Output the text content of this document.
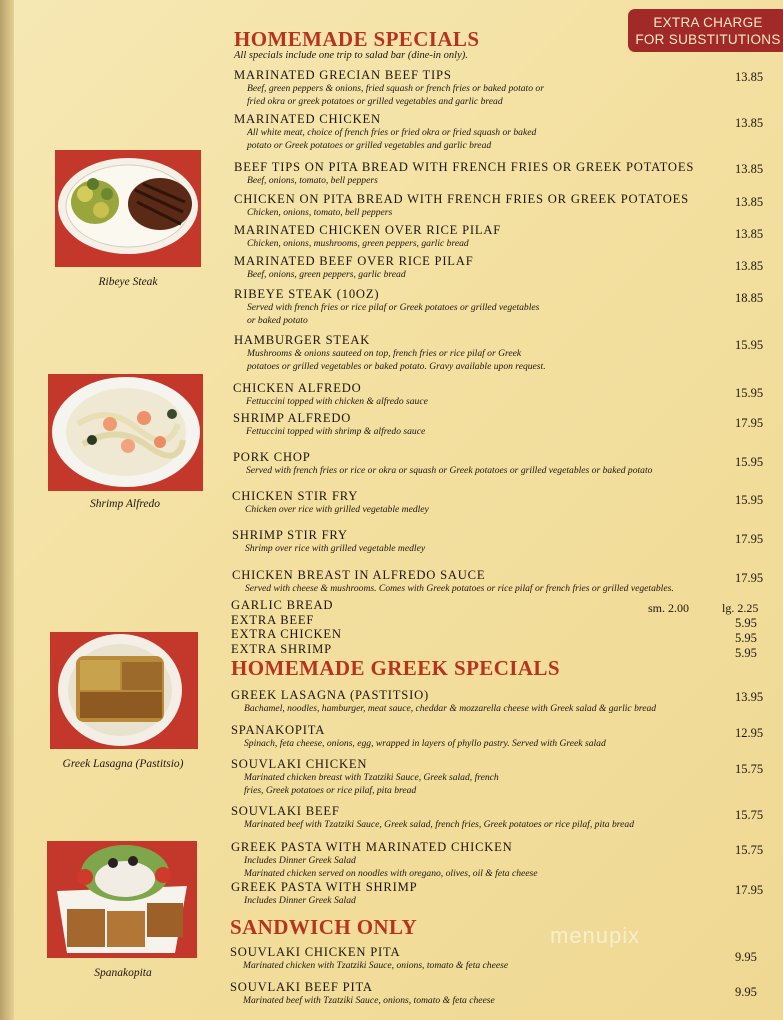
EXTRA CHARGE
FOR SUBSTITUTIONS
HOMEMADE SPECIALS
All specials include one trip to salad bar (dine-in only).
MARINATED GRECIAN BEEF TIPS
Beef, green peppers & onions, fried squash or french fries or baked potato or
fried okra or greek potatoes or grilled vegetables and garlic bread
13.85
MARINATED CHICKEN
All white meat, choice of french fries or fried okra or fried squash or baked
potato or Greek potatoes or grilled vegetables and garlic bread
13.85
BEEF TIPS ON PITA BREAD WITH FRENCH FRIES OR GREEK POTATOES
Beef, onions, tomato, bell peppers
13.85
CHICKEN ON PITA BREAD WITH FRENCH FRIES OR GREEK POTATOES
Chicken, onions, tomato, bell peppers
13.85
MARINATED CHICKEN OVER RICE PILAF
Chicken, onions, mushrooms, green peppers, garlic bread
13.85
MARINATED BEEF OVER RICE PILAF
Beef, onions, green peppers, garlic bread
13.85
RIBEYE STEAK (10OZ)
Served with french fries or rice pilaf or Greek potatoes or grilled vegetables
or baked potato
18.85
HAMBURGER STEAK
Mushrooms & onions sauteed on top, french fries or rice pilaf or Greek
potatoes or grilled vegetables or baked potato. Gravy available upon request.
15.95
CHICKEN ALFREDO
Fettuccini topped with chicken & alfredo sauce
15.95
SHRIMP ALFREDO
Fettuccini topped with shrimp & alfredo sauce
17.95
PORK CHOP
Served with french fries or rice or okra or squash or Greek potatoes or grilled vegetables or baked potato
15.95
CHICKEN STIR FRY
Chicken over rice with grilled vegetable medley
15.95
SHRIMP STIR FRY
Shrimp over rice with grilled vegetable medley
17.95
CHICKEN BREAST IN ALFREDO SAUCE
Served with cheese & mushrooms. Comes with Greek potatoes or rice pilaf or french fries or grilled vegetables.
17.95
GARLIC BREAD
EXTRA BEEF
EXTRA CHICKEN
EXTRA SHRIMP
sm. 2.00	lg. 2.25
5.95
5.95
5.95
HOMEMADE GREEK SPECIALS
GREEK LASAGNA (PASTITSIO)
Bachamel, noodles, hamburger, meat sauce, cheddar & mozzarella cheese with Greek salad & garlic bread
13.95
SPANAKOPITA
Spinach, feta cheese, onions, egg, wrapped in layers of phyllo pastry. Served with Greek salad
12.95
SOUVLAKI CHICKEN
Marinated chicken breast with Tzatziki Sauce, Greek salad, french
fries, Greek potatoes or rice pilaf, pita bread
15.75
SOUVLAKI BEEF
Marinated beef with Tzatziki Sauce, Greek salad, french fries, Greek potatoes or rice pilaf, pita bread
15.75
GREEK PASTA WITH MARINATED CHICKEN
Includes Dinner Greek Salad
Marinated chicken served on noodles with oregano, olives, oil & feta cheese
15.75
GREEK PASTA WITH SHRIMP
Includes Dinner Greek Salad
17.95
SANDWICH ONLY
SOUVLAKI CHICKEN PITA
Marinated chicken with Tzatziki Sauce, onions, tomato & feta cheese
9.95
SOUVLAKI BEEF PITA
Marinated beef with Tzatziki Sauce, onions, tomato & feta cheese
9.95
Ribeye Steak
Shrimp Alfredo
Greek Lasagna (Pastitsio)
Spanakopita
menupix
